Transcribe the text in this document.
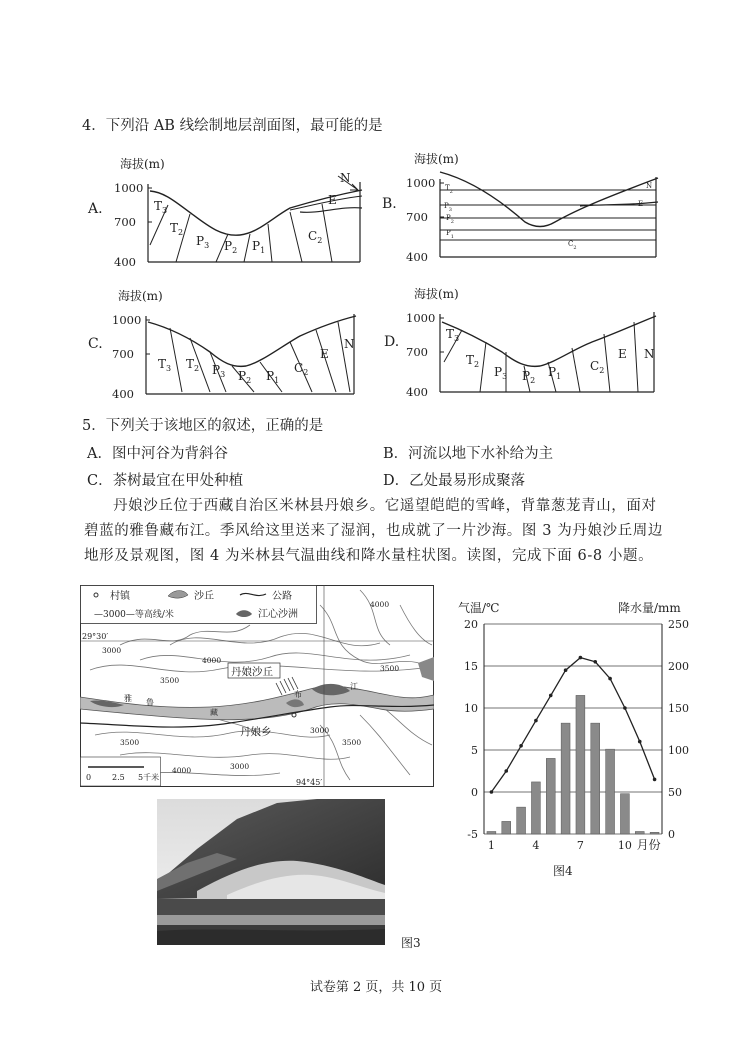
4．下列沿 AB 线绘制地层剖面图，最可能的是
A.
海拔(m)
1000
700
400
$T_3$
$T_2$
$P_3$ $P_2$ $P_1$
$C_2$
E
N
B.
海拔(m)
1000
700
400
$T_2$
$P_3$
$P_2$
$P_1$
$C_2$
N
E
C.
海拔(m)
1000
700
400
$T_3$ $T_2$ $P_3$ $P_2$ $P_1$
$C_2$
E
N D.
海拔(m)
1000
700
400
$T_3$
$T_2$
$P_3$ $P_2$
$P_1$
$C_2$
E N
5．下列关于该地区的叙述，正确的是
A．图中河谷为背斜谷	B．河流以地下水补给为主
C．茶树最宜在甲处种植	D．乙处最易形成聚落
丹娘沙丘位于西藏自治区米林县丹娘乡。它遥望皑皑的雪峰，背靠葱茏青山，面对碧蓝的雅鲁藏布江。季风给这里送来了湿润，也成就了一片沙海。图 3 为丹娘沙丘周边地形及景观图，图 4 为米林县气温曲线和降水量柱状图。读图，完成下面 6-8 小题。
29°30′
94°45′
村镇	沙丘	公路
—3000—等高线/米	江心沙洲
4000
3500
3000
4000
3500
3500
3000
3500
4000
3000
丹娘沙丘
丹娘乡
雅 鲁
藏
布
江
0	2.5 5千米
图3
20
15
10
5
0
-5
250
200
150
100
50
0
气温/℃	降水量/mm
1	4	7	10 月份
图4
试卷第 2 页，共 10 页
